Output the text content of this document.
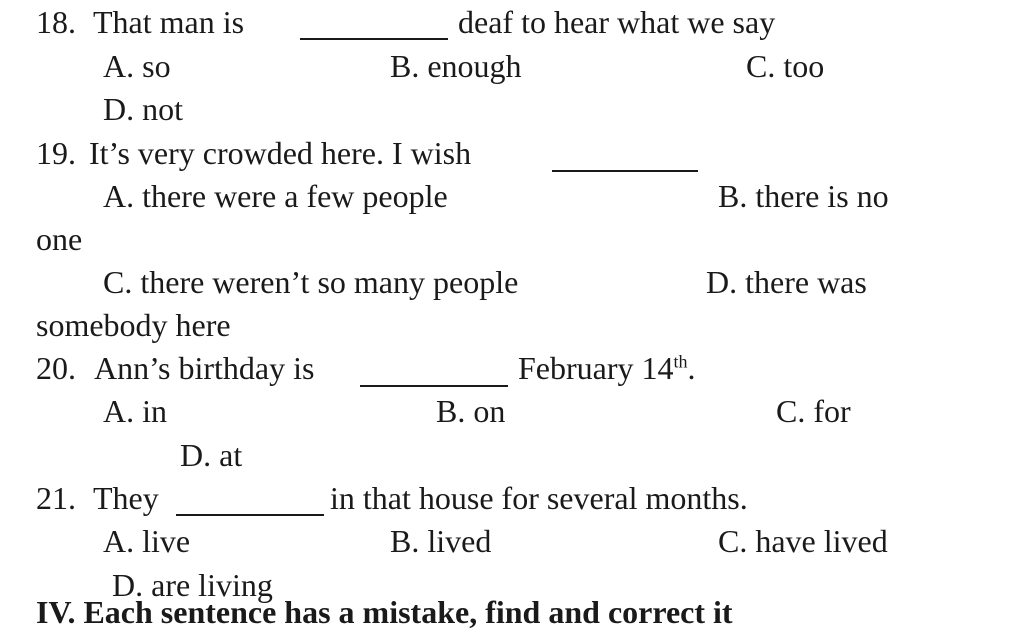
18. That man is	deaf to hear what we say
A. so	B. enough	C. too
D. not
19. It’s very crowded here. I wish
A. there were a few people	B. there is no
one
C. there weren’t so many people	D. there was
somebody here
20. Ann’s birthday is	February 14th.
A. in	B. on	C. for
D. at
21. They	in that house for several months.
A. live	B. lived	C. have lived
D. are living
IV. Each sentence has a mistake, find and correct it
